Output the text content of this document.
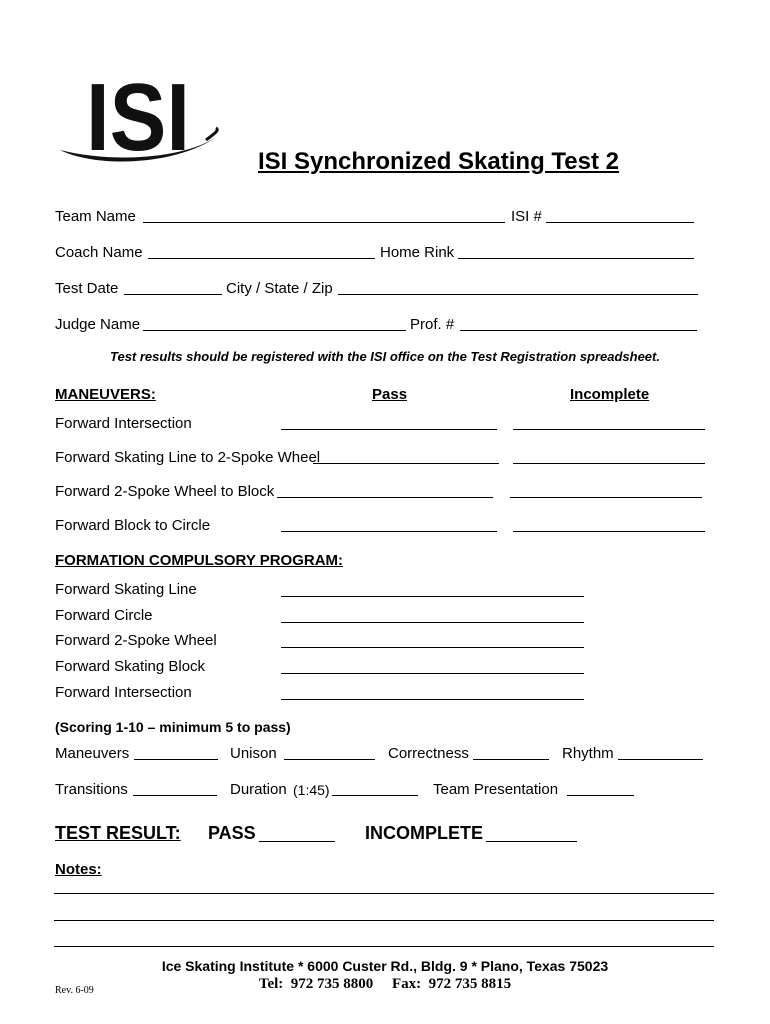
ISI	ISI Synchronized Skating Test 2
Team Name	ISI #
Coach Name	Home Rink
Test Date	City / State / Zip
Judge Name	Prof. #
Test results should be registered with the ISI office on the Test Registration spreadsheet.
MANEUVERS:	Pass	Incomplete
Forward Intersection
Forward Skating Line to 2-Spoke Wheel
Forward 2-Spoke Wheel to Block
Forward Block to Circle
FORMATION COMPULSORY PROGRAM:
Forward Skating Line
Forward Circle
Forward 2-Spoke Wheel
Forward Skating Block
Forward Intersection
(Scoring 1-10 – minimum 5 to pass)
Maneuvers	Unison	Correctness	Rhythm
Transitions	Duration (1:45)	Team Presentation
TEST RESULT: PASS	INCOMPLETE
Notes:
Ice Skating Institute * 6000 Custer Rd., Bldg. 9 * Plano, Texas 75023
Tel:  972 735 8800     Fax:  972 735 8815
Rev. 6-09
